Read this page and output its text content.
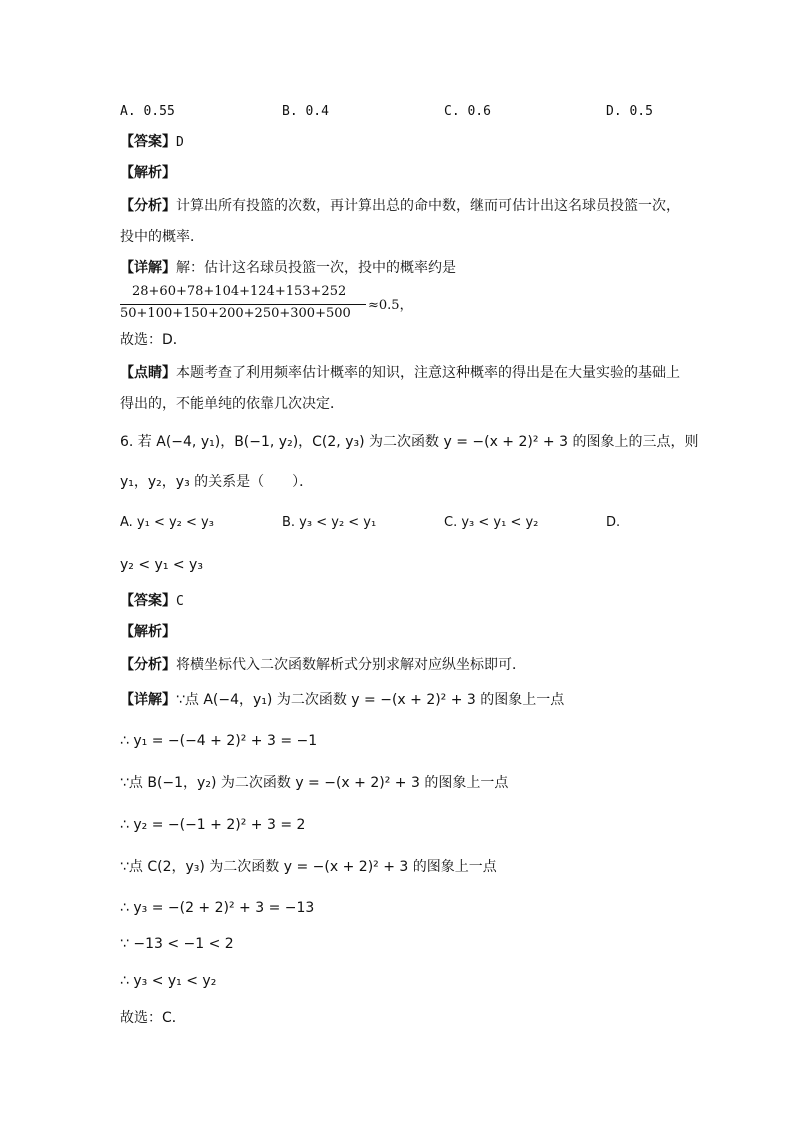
A. 0.55	B. 0.4	C. 0.6	D. 0.5
【答案】D
【解析】
【分析】计算出所有投篮的次数，再计算出总的命中数，继而可估计出这名球员投篮一次，
投中的概率．
【详解】解：估计这名球员投篮一次，投中的概率约是
28+60+78+104+124+153+252
50+100+150+200+250+300+500
≈0.5，
故选：D．
【点睛】本题考查了利用频率估计概率的知识，注意这种概率的得出是在大量实验的基础上
得出的，不能单纯的依靠几次决定．
6. 若 A(−4, y₁)，B(−1, y₂)，C(2, y₃) 为二次函数 y = −(x + 2)² + 3 的图象上的三点，则
y₁，y₂，y₃ 的关系是（　　）．
A. y₁ < y₂ < y₃	B. y₃ < y₂ < y₁	C. y₃ < y₁ < y₂	D.
y₂ < y₁ < y₃
【答案】C
【解析】
【分析】将横坐标代入二次函数解析式分别求解对应纵坐标即可．
【详解】∵点 A(−4，y₁) 为二次函数 y = −(x + 2)² + 3 的图象上一点
∴ y₁ = −(−4 + 2)² + 3 = −1
∵点 B(−1，y₂) 为二次函数 y = −(x + 2)² + 3 的图象上一点
∴ y₂ = −(−1 + 2)² + 3 = 2
∵点 C(2，y₃) 为二次函数 y = −(x + 2)² + 3 的图象上一点
∴ y₃ = −(2 + 2)² + 3 = −13
∵ −13 < −1 < 2
∴ y₃ < y₁ < y₂
故选：C．
